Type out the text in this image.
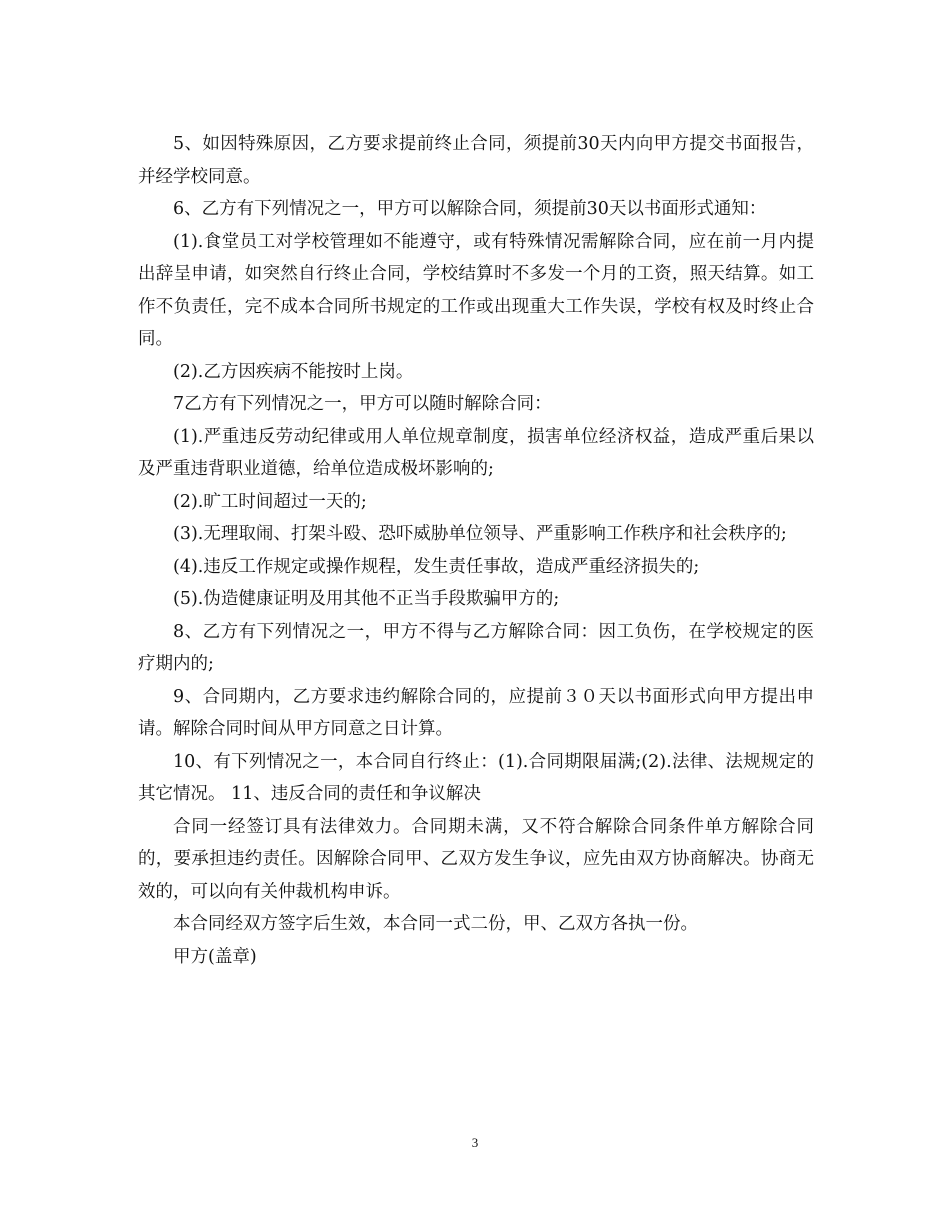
5、如因特殊原因，乙方要求提前终止合同，须提前30天内向甲方提交书面报告，并经学校同意。

6、乙方有下列情况之一，甲方可以解除合同，须提前30天以书面形式通知：

(1).食堂员工对学校管理如不能遵守，或有特殊情况需解除合同，应在前一月内提出辞呈申请，如突然自行终止合同，学校结算时不多发一个月的工资，照天结算。如工作不负责任，完不成本合同所书规定的工作或出现重大工作失误，学校有权及时终止合同。

(2).乙方因疾病不能按时上岗。

7乙方有下列情况之一，甲方可以随时解除合同：

(1).严重违反劳动纪律或用人单位规章制度，损害单位经济权益，造成严重后果以及严重违背职业道德，给单位造成极坏影响的;

(2).旷工时间超过一天的;

(3).无理取闹、打架斗殴、恐吓威胁单位领导、严重影响工作秩序和社会秩序的;

(4).违反工作规定或操作规程，发生责任事故，造成严重经济损失的;

(5).伪造健康证明及用其他不正当手段欺骗甲方的;

8、乙方有下列情况之一，甲方不得与乙方解除合同：因工负伤，在学校规定的医疗期内的;

9、合同期内，乙方要求违约解除合同的，应提前３０天以书面形式向甲方提出申请。解除合同时间从甲方同意之日计算。

10、有下列情况之一，本合同自行终止：(1).合同期限届满;(2).法律、法规规定的其它情况。 11、违反合同的责任和争议解决

合同一经签订具有法律效力。合同期未满，又不符合解除合同条件单方解除合同的，要承担违约责任。因解除合同甲、乙双方发生争议，应先由双方协商解决。协商无效的，可以向有关仲裁机构申诉。

本合同经双方签字后生效，本合同一式二份，甲、乙双方各执一份。

甲方(盖章)

3
